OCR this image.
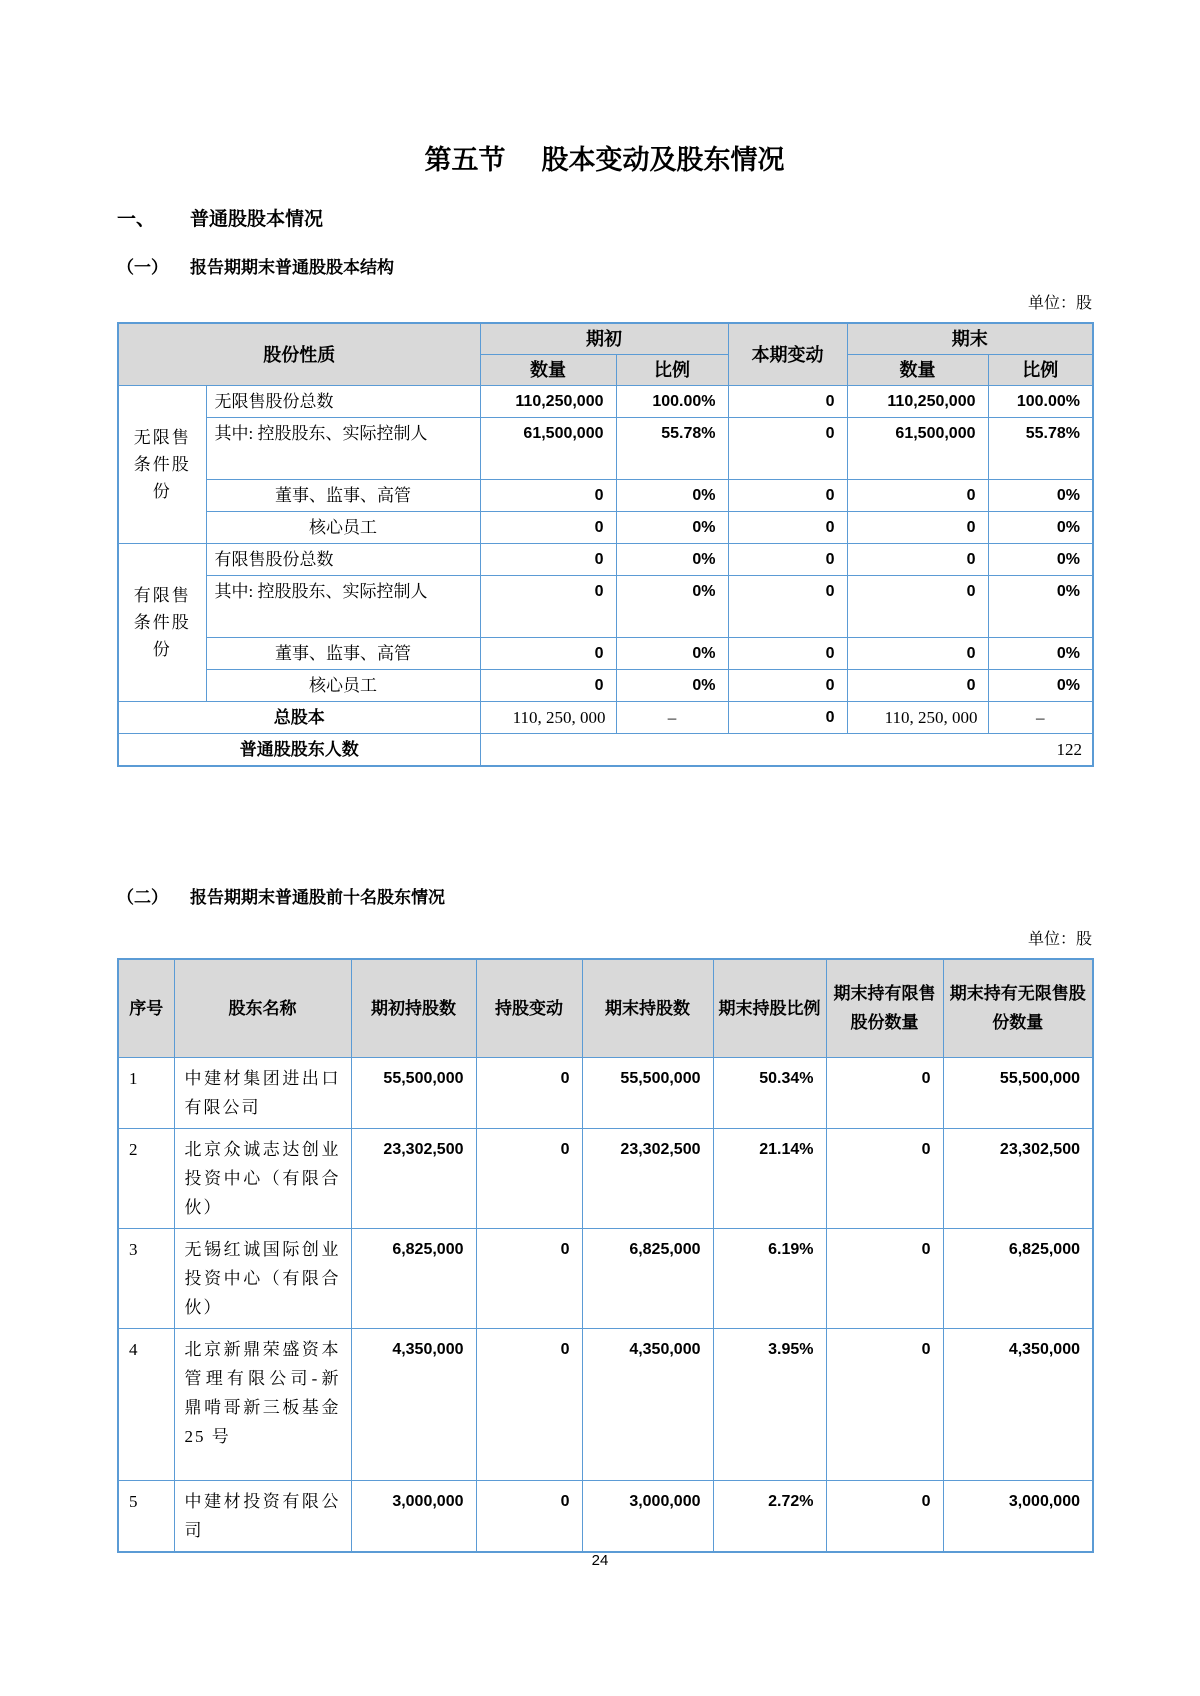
第五节 股本变动及股东情况
一、	普通股股本情况
（一）	报告期期末普通股股本结构
单位：股
股份性质		期初		本期变动	期末	
		数量	比例		数量	比例
无限售条件股份	无限售股份总数	110,250,000	100.00%	0	110,250,000	100.00%
	其中: 控股股东、实际控制人	61,500,000	55.78%	0	61,500,000	55.78%
	董事、监事、高管	0	0%	0	0	0%
	核心员工	0	0%	0	0	0%
有限售条件股份	有限售股份总数	0	0%	0	0	0%
	其中: 控股股东、实际控制人	0	0%	0	0	0%
	董事、监事、高管	0	0%	0	0	0%
	核心员工	0	0%	0	0	0%
总股本		110, 250, 000	–	0	110, 250, 000	–
普通股股东人数		122				
（二）	报告期期末普通股前十名股东情况
单位：股
序号	股东名称	期初持股数	持股变动	期末持股数	期末持股比例	期末持有限售股份数量	期末持有无限售股份数量
1	中建材集团进出口有限公司	55,500,000	0	55,500,000	50.34%	0	55,500,000
2	北京众诚志达创业投资中心（有限合伙）	23,302,500	0	23,302,500	21.14%	0	23,302,500
3	无锡红诚国际创业投资中心（有限合伙）	6,825,000	0	6,825,000	6.19%	0	6,825,000
4	北京新鼎荣盛资本管理有限公司-新鼎啃哥新三板基金 25 号	4,350,000	0	4,350,000	3.95%	0	4,350,000
5	中建材投资有限公司	3,000,000	0	3,000,000	2.72%	0	3,000,000
24
